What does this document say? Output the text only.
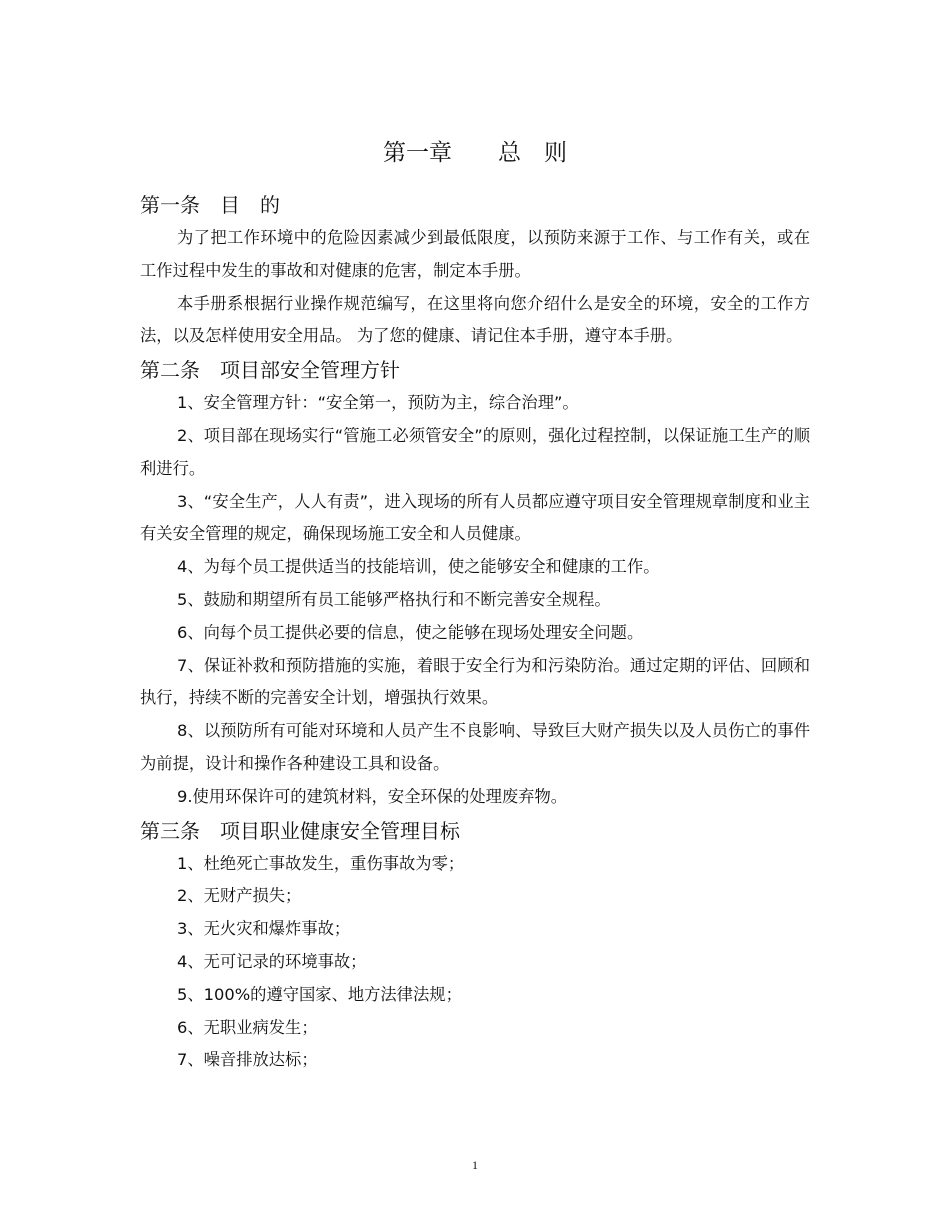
第一章　　总　则
第一条　目　的

为了把工作环境中的危险因素减少到最低限度，以预防来源于工作、与工作有关，或在工作过程中发生的事故和对健康的危害，制定本手册。

本手册系根据行业操作规范编写，在这里将向您介绍什么是安全的环境，安全的工作方法，以及怎样使用安全用品。 为了您的健康、请记住本手册，遵守本手册。

第二条　项目部安全管理方针

1、安全管理方针：“安全第一，预防为主，综合治理”。

2、项目部在现场实行“管施工必须管安全”的原则，强化过程控制，以保证施工生产的顺利进行。

3、“安全生产，人人有责”，进入现场的所有人员都应遵守项目安全管理规章制度和业主有关安全管理的规定，确保现场施工安全和人员健康。

4、为每个员工提供适当的技能培训，使之能够安全和健康的工作。

5、鼓励和期望所有员工能够严格执行和不断完善安全规程。

6、向每个员工提供必要的信息，使之能够在现场处理安全问题。

7、保证补救和预防措施的实施，着眼于安全行为和污染防治。通过定期的评估、回顾和执行，持续不断的完善安全计划，增强执行效果。

8、以预防所有可能对环境和人员产生不良影响、导致巨大财产损失以及人员伤亡的事件为前提，设计和操作各种建设工具和设备。

9.使用环保许可的建筑材料，安全环保的处理废弃物。

第三条　项目职业健康安全管理目标

1、杜绝死亡事故发生，重伤事故为零；

2、无财产损失；

3、无火灾和爆炸事故；

4、无可记录的环境事故；

5、100%的遵守国家、地方法律法规；

6、无职业病发生；

7、噪音排放达标；

1
